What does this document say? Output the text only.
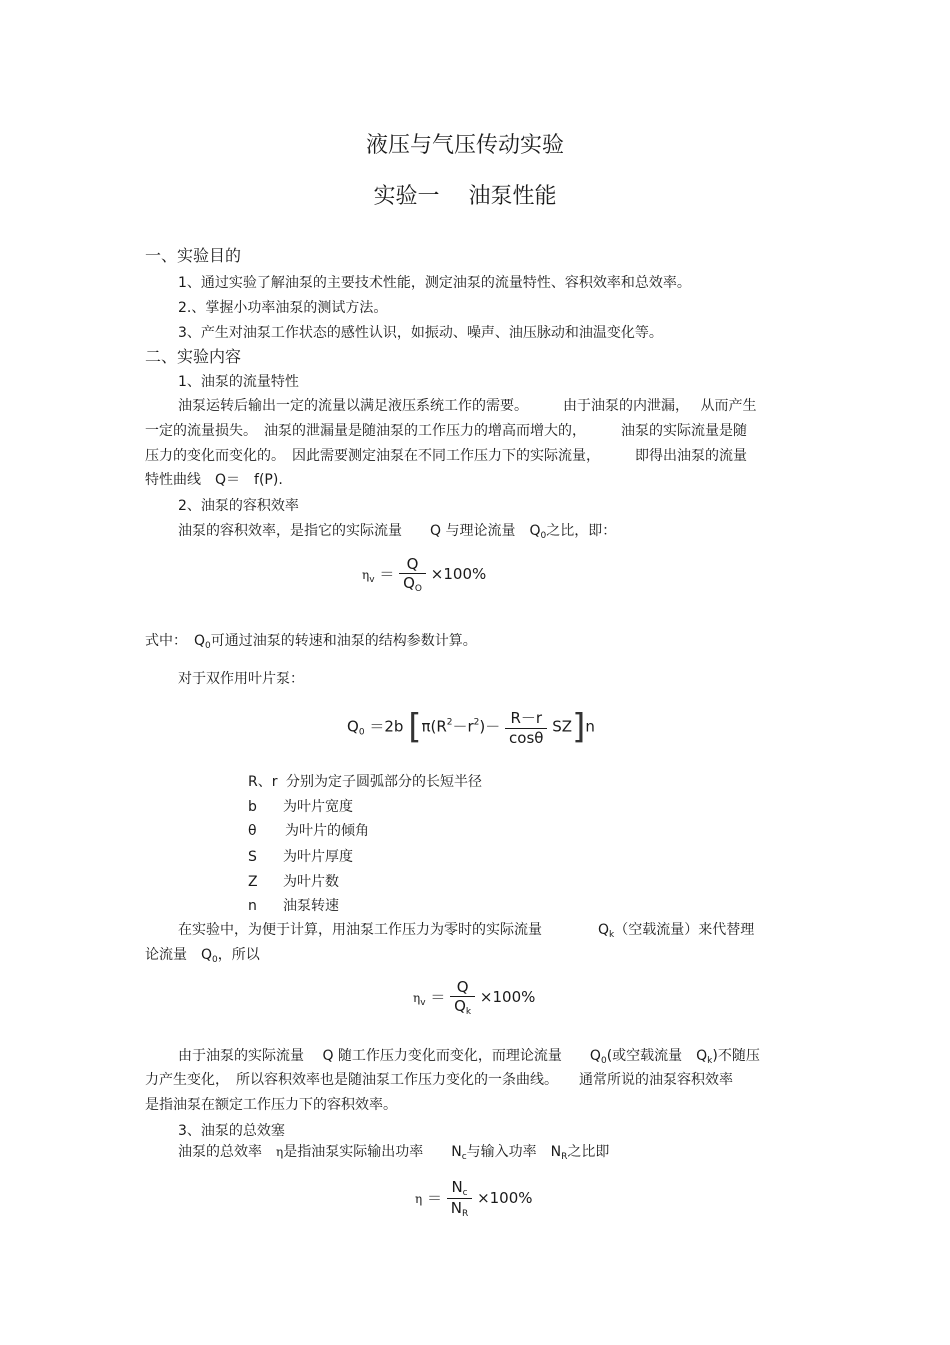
液压与气压传动实验
实验一　 油泵性能
一、实验目的
1、通过实验了解油泵的主要技术性能，测定油泵的流量特性、容积效率和总效率。
2.、掌握小功率油泵的测试方法。
3、产生对油泵工作状态的感性认识，如振动、噪声、油压脉动和油温变化等。
二、实验内容
1、油泵的流量特性
油泵运转后输出一定的流量以满足液压系统工作的需要。　　　由于油泵的内泄漏，　 从而产生
一定的流量损失。　油泵的泄漏量是随油泵的工作压力的增高而增大的，　　　油泵的实际流量是随
压力的变化而变化的。　因此需要测定油泵在不同工作压力下的实际流量，　　　即得出油泵的流量
特性曲线　Q＝　f(P).
2、油泵的容积效率
油泵的容积效率，是指它的实际流量　　Q 与理论流量　$Q_0$之比，即：
$\eta_v = \frac{Q}{Q_O} \times 100\%$
式中：　$Q_0$可通过油泵的转速和油泵的结构参数计算。
对于双作用叶片泵：
$Q_0 =2b$ $[\pi(R^2-r^2)- \frac{R-r}{\cos\theta} SZ]n$
R、r 分别为定子圆弧部分的长短半径
b 为叶片宽度
θ 为叶片的倾角
S 为叶片厚度
Z 为叶片数
n 油泵转速
在实验中，为便于计算，用油泵工作压力为零时的实际流量　　　　$Q_k$（空载流量）来代替理
论流量　$Q_0$，所以
$\eta_v = \frac{Q}{Q_k} \times 100\%$
由于油泵的实际流量　 Q 随工作压力变化而变化，而理论流量　　$Q_0$(或空载流量　$Q_k$)不随压
力产生变化，　所以容积效率也是随油泵工作压力变化的一条曲线。　　通常所说的油泵容积效率
是指油泵在额定工作压力下的容积效率。
3、油泵的总效塞
油泵的总效率　η是指油泵实际输出功率　　$N_c$与输入功率　$N_R$之比即
$\eta = \frac{N_c}{N_R} \times 100\%$
